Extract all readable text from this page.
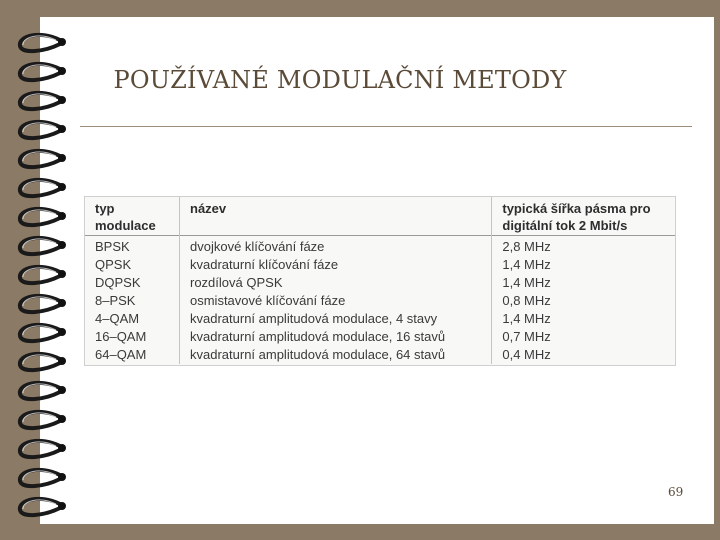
POUŽÍVANÉ MODULAČNÍ METODY
typ modulace	název	typická šířka pásma pro digitální tok 2 Mbit/s
BPSK	dvojkové klíčování fáze	2,8 MHz
QPSK	kvadraturní klíčování fáze	1,4 MHz
DQPSK	rozdílová QPSK	1,4 MHz
8–PSK	osmistavové klíčování fáze	0,8 MHz
4–QAM	kvadraturní amplitudová modulace, 4 stavy	1,4 MHz
16–QAM	kvadraturní amplitudová modulace, 16 stavů	0,7 MHz
64–QAM	kvadraturní amplitudová modulace, 64 stavů	0,4 MHz
69
